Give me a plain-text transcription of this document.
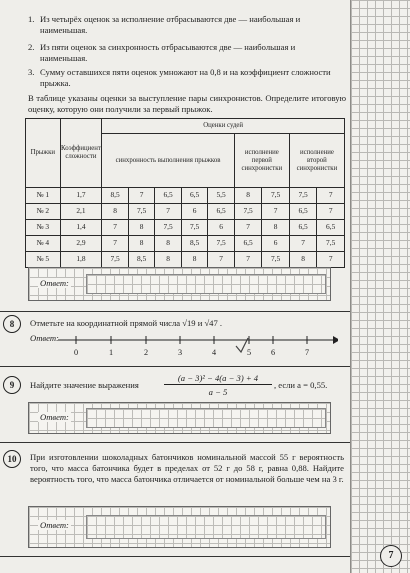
1. Из четырёх оценок за исполнение отбрасываются две — наибольшая и наименьшая.
2. Из пяти оценок за синхронность отбрасываются две — наибольшая и наименьшая.
3. Сумму оставшихся пяти оценок умножают на 0,8 и на коэффициент сложности прыжка.
В таблице указаны оценки за выступление пары синхронистов. Определите итоговую оценку, которую они получили за первый прыжок.
Прыжки	Коэффициент сложности	Оценки судей								
		синхронность выполнения прыжков					исполнение первой синхронистки		исполнение второй синхронистки	
№ 1	1,7	8,5	7	6,5	6,5	5,5	8	7,5	7,5	7
№ 2	2,1	8	7,5	7	6	6,5	7,5	7	6,5	7
№ 3	1,4	7	8	7,5	7,5	6	7	8	6,5	6,5
№ 4	2,9	7	8	8	8,5	7,5	6,5	6	7	7,5
№ 5	1,8	7,5	8,5	8	8	7	7	7,5	8	7
Ответ:
8	Отметьте на координатной прямой числа √19 и √47 .
Ответ:
0	1	2	3	4	5	6	7
9	Найдите значение выражения
(a − 3)² − 4(a − 3) + 4
a − 5
, если a = 0,55.
Ответ:
10	При изготовлении шоколадных батончиков номинальной массой 55 г вероятность того, что масса батончика будет в пределах от 52 г до 58 г, равна 0,88. Найдите вероятность того, что масса батончика отличается от номинальной больше чем на 3 г.
Ответ:
7
